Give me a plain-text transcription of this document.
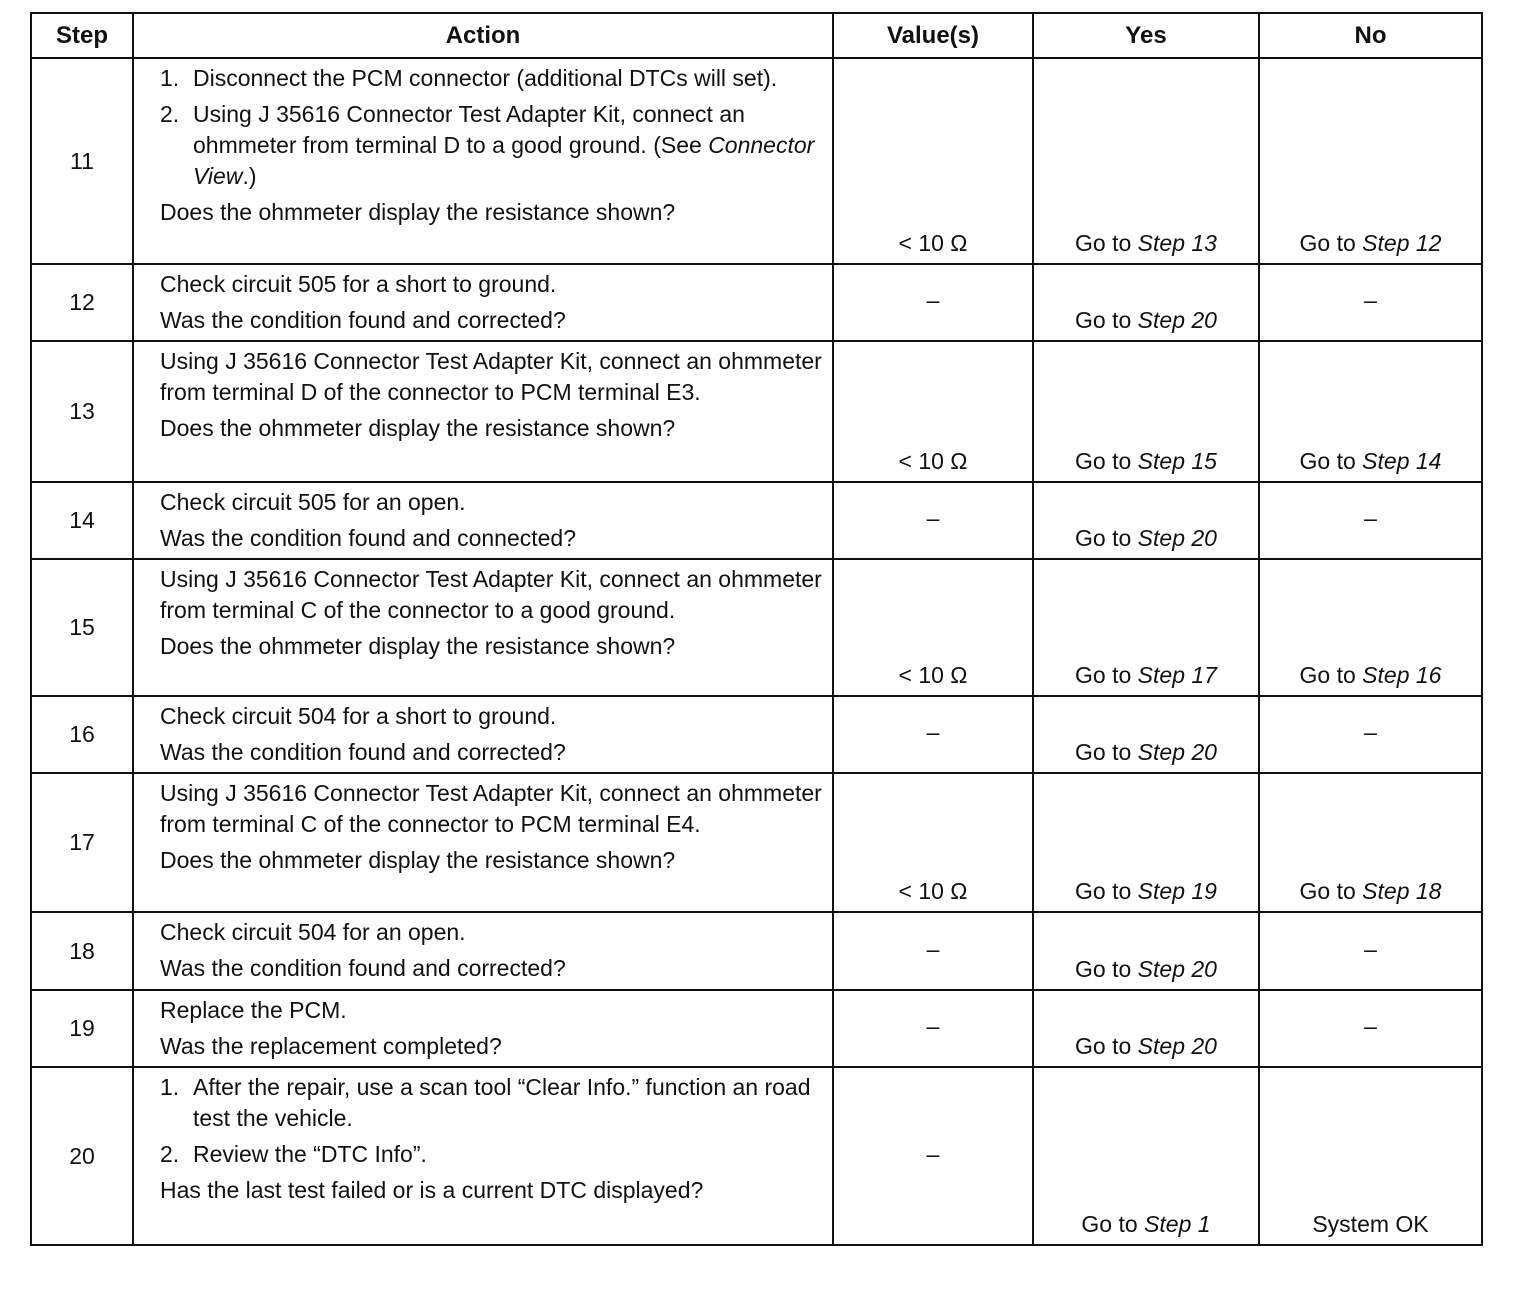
Step	Action	Value(s)	Yes	No
11	1. Disconnect the PCM connector (additional DTCs will set).
2. Using J 35616 Connector Test Adapter Kit, connect an ohmmeter from terminal D to a good ground. (See Connector View.)
Does the ohmmeter display the resistance shown?	< 10 Ω	Go to Step 13	Go to Step 12
12	Check circuit 505 for a short to ground.
Was the condition found and corrected?	–	Go to Step 20	–
13	Using J 35616 Connector Test Adapter Kit, connect an ohmmeter from terminal D of the connector to PCM terminal E3.
Does the ohmmeter display the resistance shown?	< 10 Ω	Go to Step 15	Go to Step 14
14	Check circuit 505 for an open.
Was the condition found and connected?	–	Go to Step 20	–
15	Using J 35616 Connector Test Adapter Kit, connect an ohmmeter from terminal C of the connector to a good ground.
Does the ohmmeter display the resistance shown?	< 10 Ω	Go to Step 17	Go to Step 16
16	Check circuit 504 for a short to ground.
Was the condition found and corrected?	–	Go to Step 20	–
17	Using J 35616 Connector Test Adapter Kit, connect an ohmmeter from terminal C of the connector to PCM terminal E4.
Does the ohmmeter display the resistance shown?	< 10 Ω	Go to Step 19	Go to Step 18
18	Check circuit 504 for an open.
Was the condition found and corrected?	–	Go to Step 20	–
19	Replace the PCM.
Was the replacement completed?	–	Go to Step 20	–
20	1. After the repair, use a scan tool “Clear Info.” function an road test the vehicle.
2. Review the “DTC Info”.
Has the last test failed or is a current DTC displayed?	–	Go to Step 1	System OK
